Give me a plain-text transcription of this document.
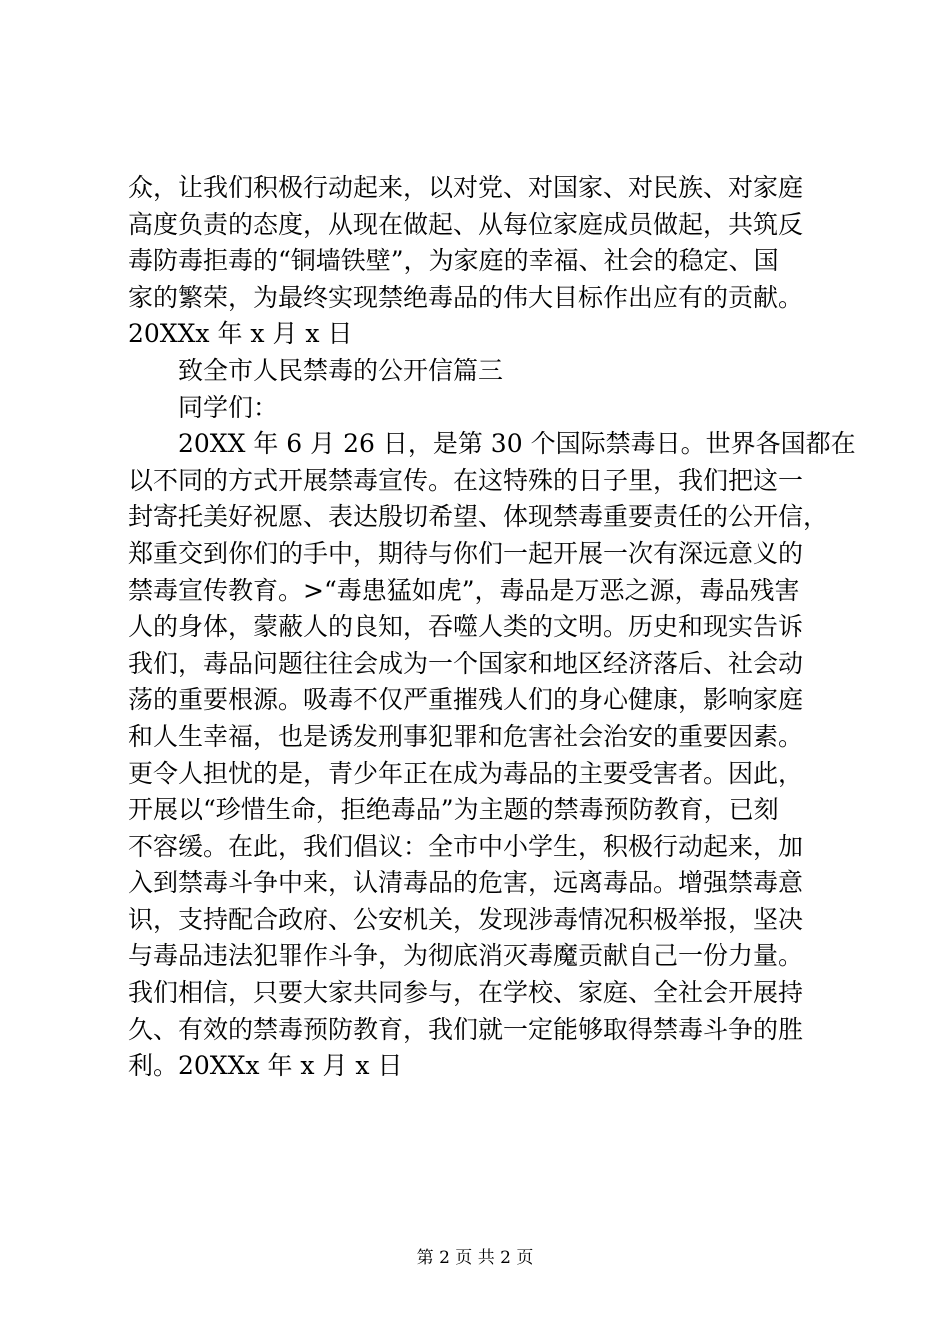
众，让我们积极行动起来，以对党、对国家、对民族、对家庭
高度负责的态度，从现在做起、从每位家庭成员做起，共筑反
毒防毒拒毒的“铜墙铁壁”，为家庭的幸福、社会的稳定、国
家的繁荣，为最终实现禁绝毒品的伟大目标作出应有的贡献。
20XXx 年 x 月 x 日
致全市人民禁毒的公开信篇三
同学们：
20XX 年 6 月 26 日，是第 30 个国际禁毒日。世界各国都在
以不同的方式开展禁毒宣传。在这特殊的日子里，我们把这一
封寄托美好祝愿、表达殷切希望、体现禁毒重要责任的公开信，
郑重交到你们的手中，期待与你们一起开展一次有深远意义的
禁毒宣传教育。>“毒患猛如虎”，毒品是万恶之源，毒品残害
人的身体，蒙蔽人的良知，吞噬人类的文明。历史和现实告诉
我们，毒品问题往往会成为一个国家和地区经济落后、社会动
荡的重要根源。吸毒不仅严重摧残人们的身心健康，影响家庭
和人生幸福，也是诱发刑事犯罪和危害社会治安的重要因素。
更令人担忧的是，青少年正在成为毒品的主要受害者。因此，
开展以“珍惜生命，拒绝毒品”为主题的禁毒预防教育，已刻
不容缓。在此，我们倡议：全市中小学生，积极行动起来，加
入到禁毒斗争中来，认清毒品的危害，远离毒品。增强禁毒意
识，支持配合政府、公安机关，发现涉毒情况积极举报，坚决
与毒品违法犯罪作斗争，为彻底消灭毒魔贡献自己一份力量。
我们相信，只要大家共同参与，在学校、家庭、全社会开展持
久、有效的禁毒预防教育，我们就一定能够取得禁毒斗争的胜
利。20XXx 年 x 月 x 日
第 2 页 共 2 页
